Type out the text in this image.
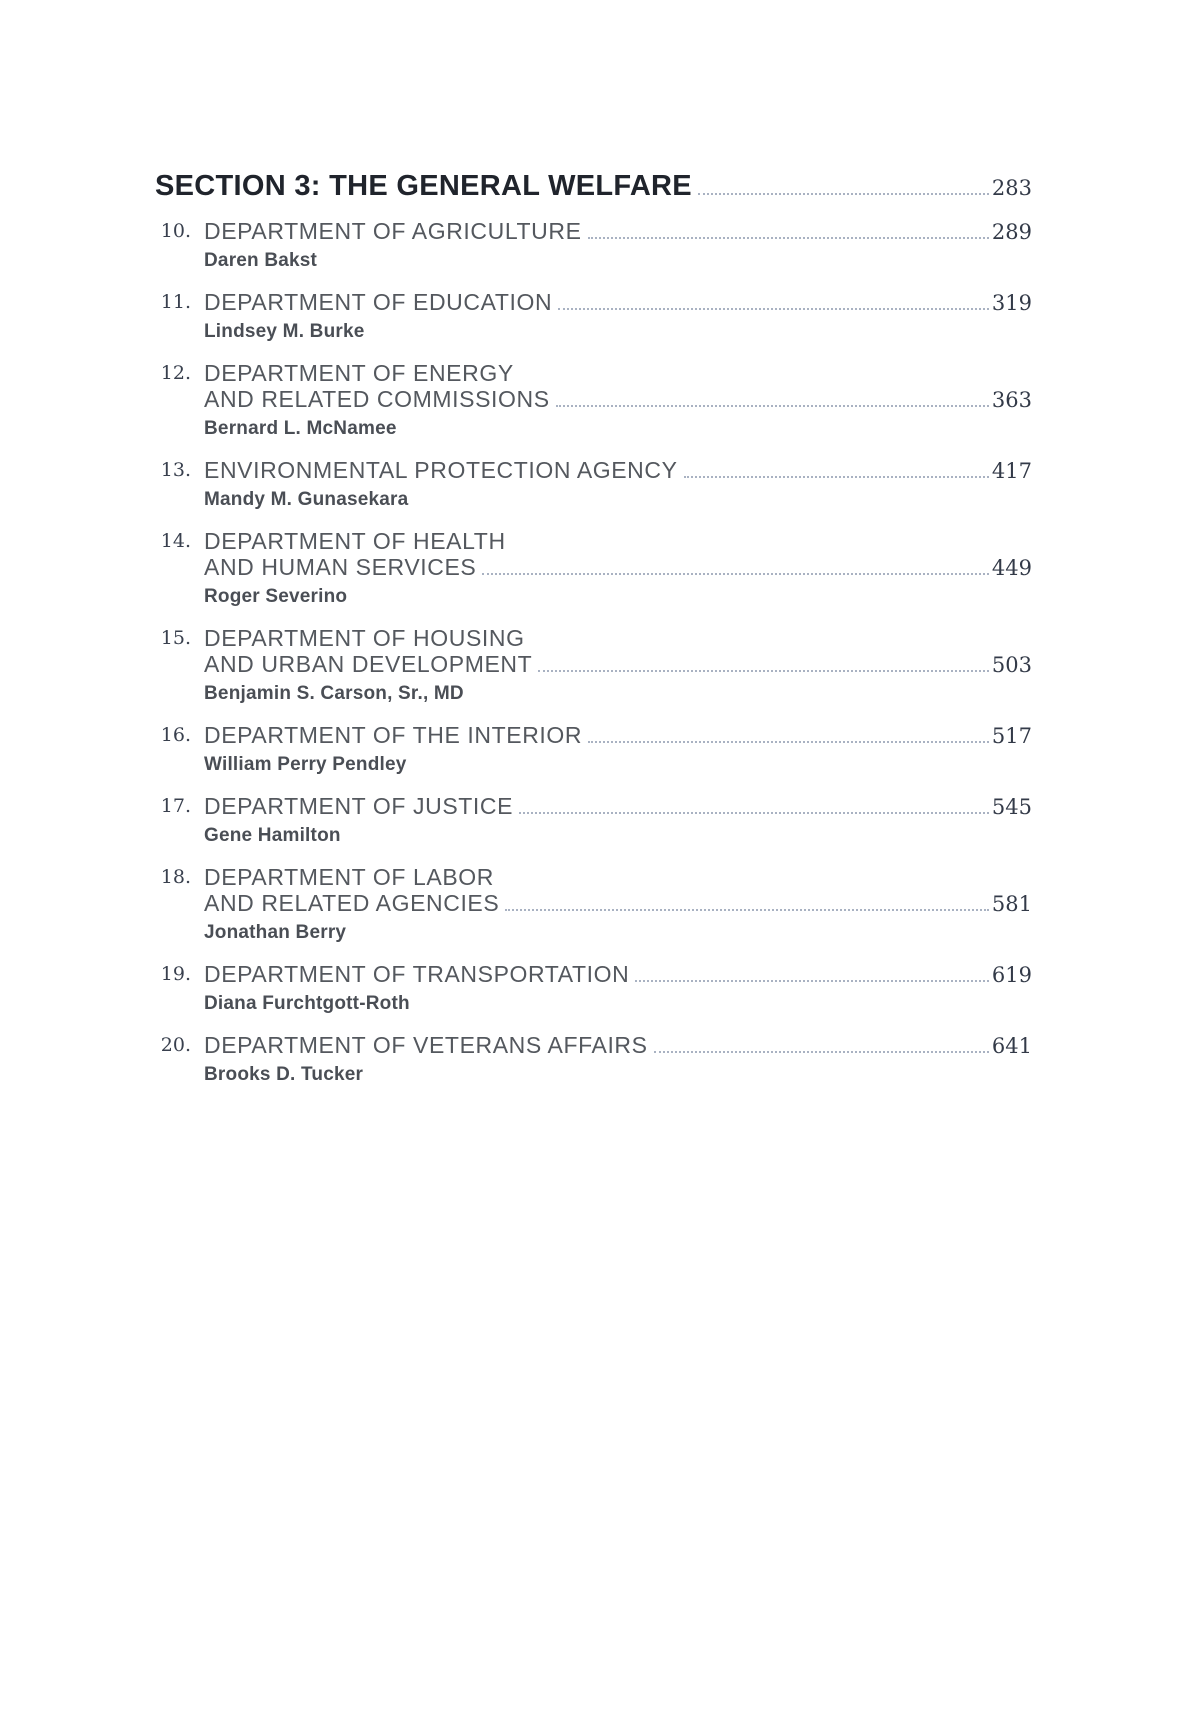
SECTION 3: THE GENERAL WELFARE	283
10. DEPARTMENT OF AGRICULTURE	289
Daren Bakst
11. DEPARTMENT OF EDUCATION	319
Lindsey M. Burke
12. DEPARTMENT OF ENERGY
AND RELATED COMMISSIONS	363
Bernard L. McNamee
13. ENVIRONMENTAL PROTECTION AGENCY	417
Mandy M. Gunasekara
14. DEPARTMENT OF HEALTH
AND HUMAN SERVICES	449
Roger Severino
15. DEPARTMENT OF HOUSING
AND URBAN DEVELOPMENT	503
Benjamin S. Carson, Sr., MD
16. DEPARTMENT OF THE INTERIOR	517
William Perry Pendley
17. DEPARTMENT OF JUSTICE	545
Gene Hamilton
18. DEPARTMENT OF LABOR
AND RELATED AGENCIES	581
Jonathan Berry
19. DEPARTMENT OF TRANSPORTATION	619
Diana Furchtgott-Roth
20. DEPARTMENT OF VETERANS AFFAIRS	641
Brooks D. Tucker
